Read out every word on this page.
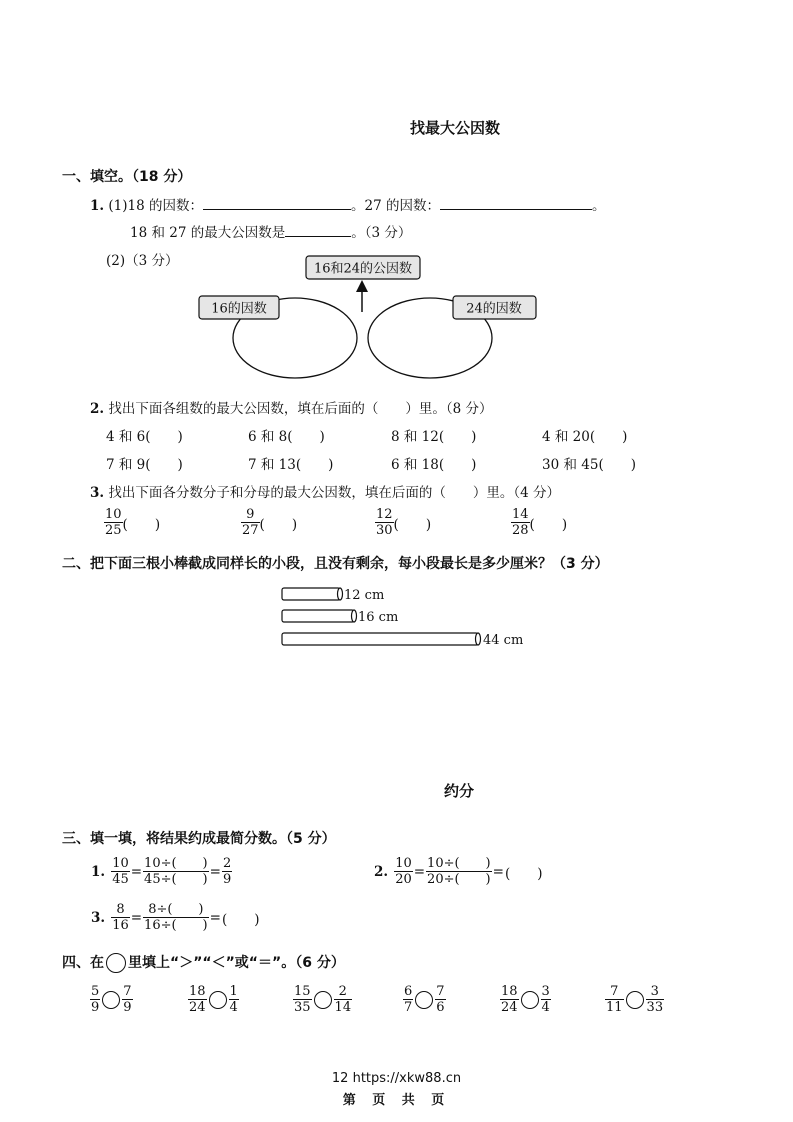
找最大公因数
一、填空。（18 分）
1. (1)18 的因数：	。27 的因数：	。
18 和 27 的最大公因数是	。（3 分）
(2)（3 分）	16和24的公因数
16的因数	24的因数
2. 找出下面各组数的最大公因数，填在后面的（　　）里。（8 分）
4 和 6(　　)	6 和 8(　　)	8 和 12(　　)	4 和 20(　　)
7 和 9(　　)	7 和 13(　　)	6 和 18(　　)	30 和 45(　　)
3. 找出下面各分数分子和分母的最大公因数，填在后面的（　　）里。（4 分）
$\frac{10}{25}$ (　　)	$\frac{9}{27}$ (　　)	$\frac{12}{30}$ (　　)	$\frac{14}{28}$ (　　)
二、把下面三根小棒截成同样长的小段，且没有剩余，每小段最长是多少厘米？（3 分）
12 cm
16 cm
44 cm
约分
三、填一填，将结果约成最简分数。（5 分）
1. $\frac{10}{45} = \frac{10\div( )}{45\div( )} = \frac{2}{9}$	2. $\frac{10}{20} = \frac{10\div( )}{20\div( )}$ =(　　)
3. $\frac{8}{16} = \frac{8\div( )}{16\div( )}$ =(　　)
四、在 里填上“＞”“＜”或“＝”。（6 分）
$\frac{5}{9} \frac{7}{9}$	$\frac{18}{24} \frac{1}{4}$	$\frac{15}{35} \frac{2}{14}$	$\frac{6}{7} \frac{7}{6}$	$\frac{18}{24} \frac{3}{4}$	$\frac{7}{11} \frac{3}{33}$
12 https://xkw88.cn
第 页 共 页
